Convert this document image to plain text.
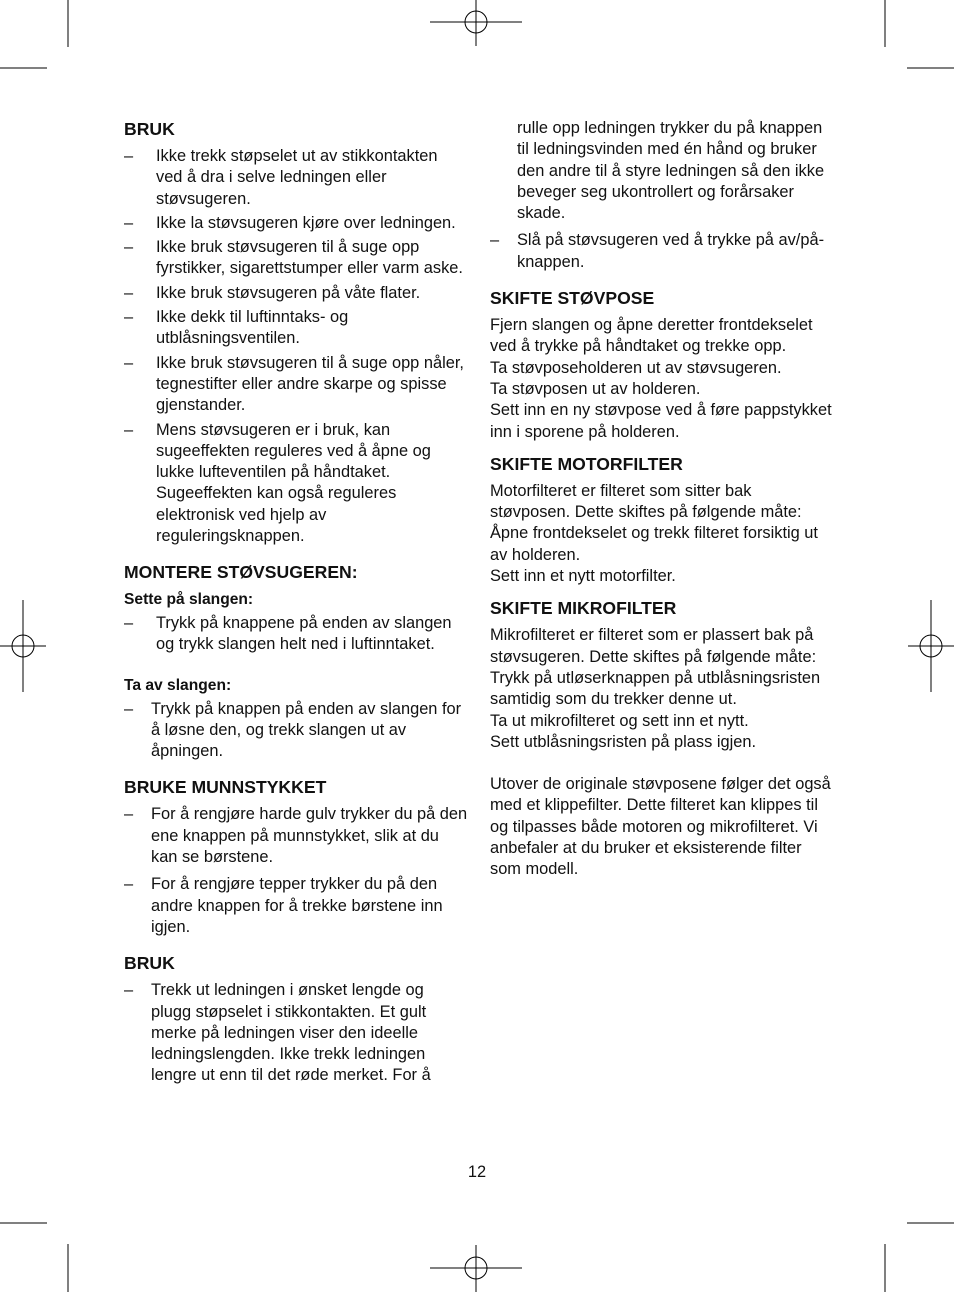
BRUK
– Ikke trekk støpselet ut av stikkontakten ved å dra i selve ledningen eller støvsugeren.
– Ikke la støvsugeren kjøre over ledningen.
– Ikke bruk støvsugeren til å suge opp fyrstikker, sigarettstumper eller varm aske.
– Ikke bruk støvsugeren på våte flater.
– Ikke dekk til luftinntaks- og utblåsningsventilen.
– Ikke bruk støvsugeren til å suge opp nåler, tegnestifter eller andre skarpe og spisse gjenstander.
– Mens støvsugeren er i bruk, kan sugeeffekten reguleres ved å åpne og lukke lufteventilen på håndtaket. Sugeeffekten kan også reguleres elektronisk ved hjelp av reguleringsknappen.
MONTERE STØVSUGEREN:
Sette på slangen:
– Trykk på knappene på enden av slangen og trykk slangen helt ned i luftinntaket.
Ta av slangen:
– Trykk på knappen på enden av slangen for å løsne den, og trekk slangen ut av åpningen.
BRUKE MUNNSTYKKET
– For å rengjøre harde gulv trykker du på den ene knappen på munnstykket, slik at du kan se børstene.
– For å rengjøre tepper trykker du på den andre knappen for å trekke børstene inn igjen.
BRUK
– Trekk ut ledningen i ønsket lengde og plugg støpselet i stikkontakten. Et gult merke på ledningen viser den ideelle ledningslengden. Ikke trekk ledningen lengre ut enn til det røde merket. For å
rulle opp ledningen trykker du på knappen til ledningsvinden med én hånd og bruker den andre til å styre ledningen så den ikke beveger seg ukontrollert og forårsaker skade.
– Slå på støvsugeren ved å trykke på av/på-knappen.
SKIFTE STØVPOSE

Fjern slangen og åpne deretter frontdekselet ved å trykke på håndtaket og trekke opp.

Ta støvposeholderen ut av støvsugeren.

Ta støvposen ut av holderen.

Sett inn en ny støvpose ved å føre pappstykket inn i sporene på holderen.

SKIFTE MOTORFILTER

Motorfilteret er filteret som sitter bak støvposen. Dette skiftes på følgende måte:

Åpne frontdekselet og trekk filteret forsiktig ut av holderen.

Sett inn et nytt motorfilter.

SKIFTE MIKROFILTER

Mikrofilteret er filteret som er plassert bak på støvsugeren. Dette skiftes på følgende måte:

Trykk på utløserknappen på utblåsningsristen samtidig som du trekker denne ut.

Ta ut mikrofilteret og sett inn et nytt.

Sett utblåsningsristen på plass igjen.

Utover de originale støvposene følger det også med et klippefilter. Dette filteret kan klippes til og tilpasses både motoren og mikrofilteret. Vi anbefaler at du bruker et eksisterende filter som modell.

12
